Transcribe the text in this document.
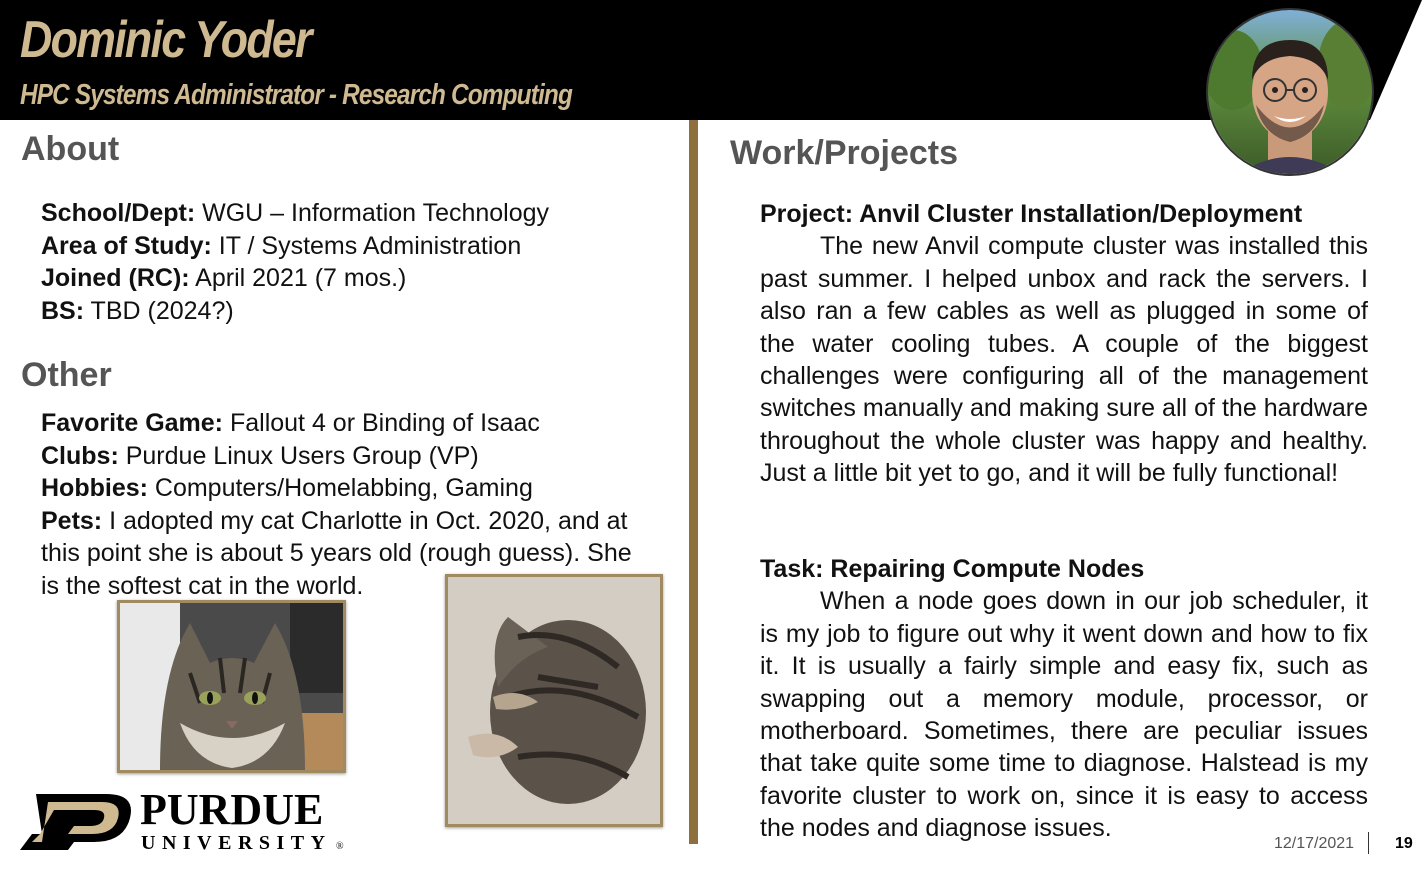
Dominic Yoder
HPC Systems Administrator - Research Computing
About
School/Dept: WGU – Information Technology
Area of Study: IT / Systems Administration
Joined (RC): April 2021 (7 mos.)
BS: TBD (2024?)
Other
Favorite Game: Fallout 4 or Binding of Isaac
Clubs: Purdue Linux Users Group (VP)
Hobbies: Computers/Homelabbing, Gaming
Pets: I adopted my cat Charlotte in Oct. 2020, and at this point she is about 5 years old (rough guess). She is the softest cat in the world.
PURDUE
UNIVERSITY ®
Work/Projects
Project: Anvil Cluster Installation/Deployment
The new Anvil compute cluster was installed this past summer. I helped unbox and rack the servers. I also ran a few cables as well as plugged in some of the water cooling tubes. A couple of the biggest challenges were configuring all of the management switches manually and making sure all of the hardware throughout the whole cluster was happy and healthy. Just a little bit yet to go, and it will be fully functional!
Task: Repairing Compute Nodes
When a node goes down in our job scheduler, it is my job to figure out why it went down and how to fix it. It is usually a fairly simple and easy fix, such as swapping out a memory module, processor, or motherboard. Sometimes, there are peculiar issues that take quite some time to diagnose. Halstead is my favorite cluster to work on, since it is easy to access the nodes and diagnose issues.
12/17/2021	19
